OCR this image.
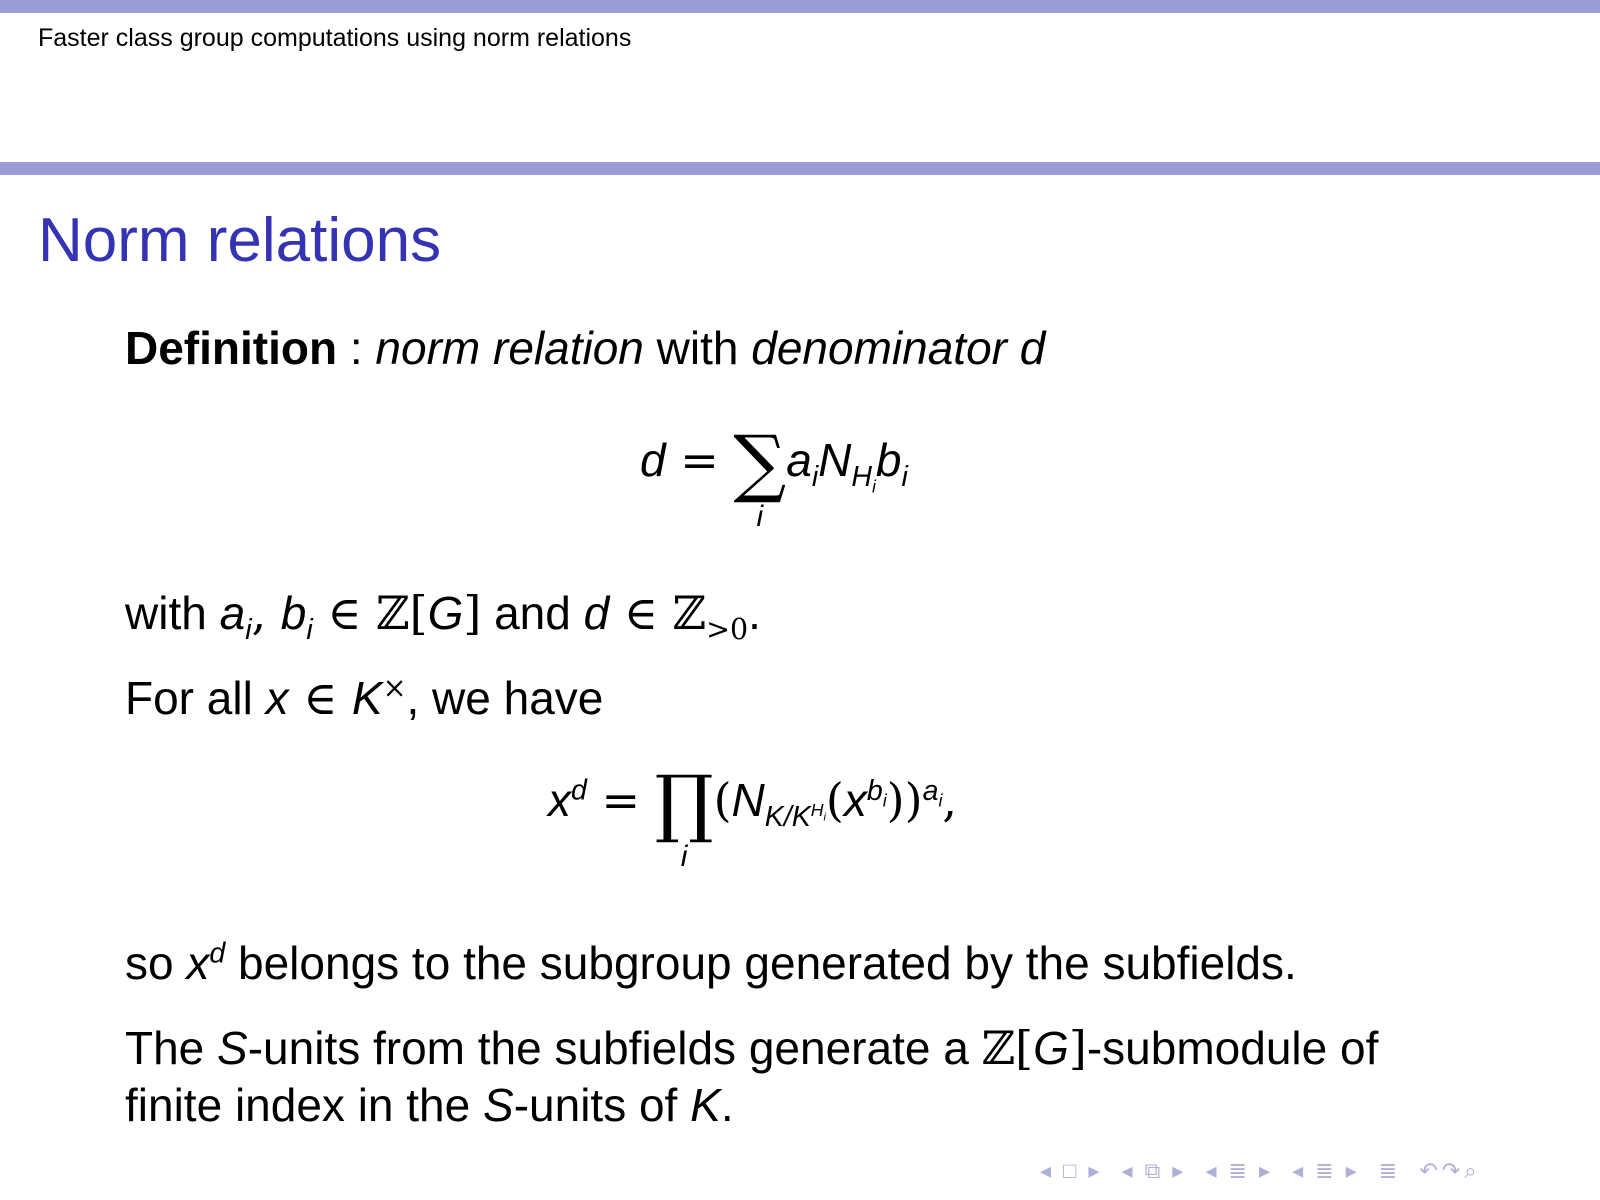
Faster class group computations using norm relations
Norm relations
Definition : norm relation with denominator d
d = ∑
i
$a_iN_{H_i}b_i$
with $a_i$, $b_i$ ∈ ℤ[G] and d ∈ ℤ$_{>0}$.
For all x ∈ K×, we have
$x^d$ = ∏
i
$(N_{K/K^{H_i}}(x^{b_i}))^{a_i}$,
so $x^d$ belongs to the subgroup generated by the subfields.
The S-units from the subfields generate a ℤ[G]-submodule of
finite index in the S-units of K.
◂ □ ▸ ◂ ⧉ ▸ ◂ ≣ ▸ ◂ ≣ ▸ ≣ ↶↷⌕
